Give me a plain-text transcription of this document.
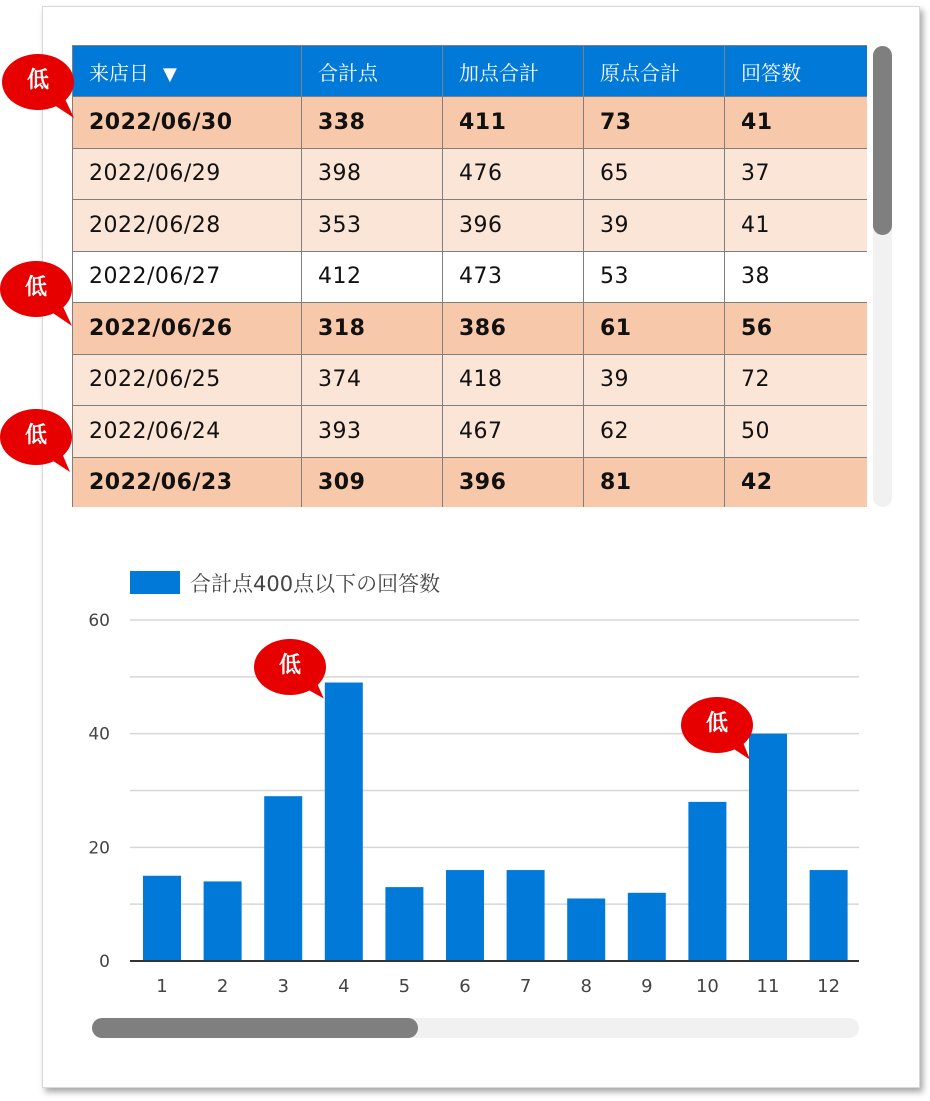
来店日 ▼	合計点	加点合計	原点合計	回答数
2022/06/30	338	411	73	41
2022/06/29	398	476	65	37
2022/06/28	353	396	39	41
2022/06/27	412	473	53	38
2022/06/26	318	386	61	56
2022/06/25	374	418	39	72
2022/06/24	393	467	62	50
2022/06/23	309	396	81	42
合計点400点以下の回答数
0
20
40
60
1	2	3	4	5	6	7	8	9 10 11 12
低
低
低
低
低
